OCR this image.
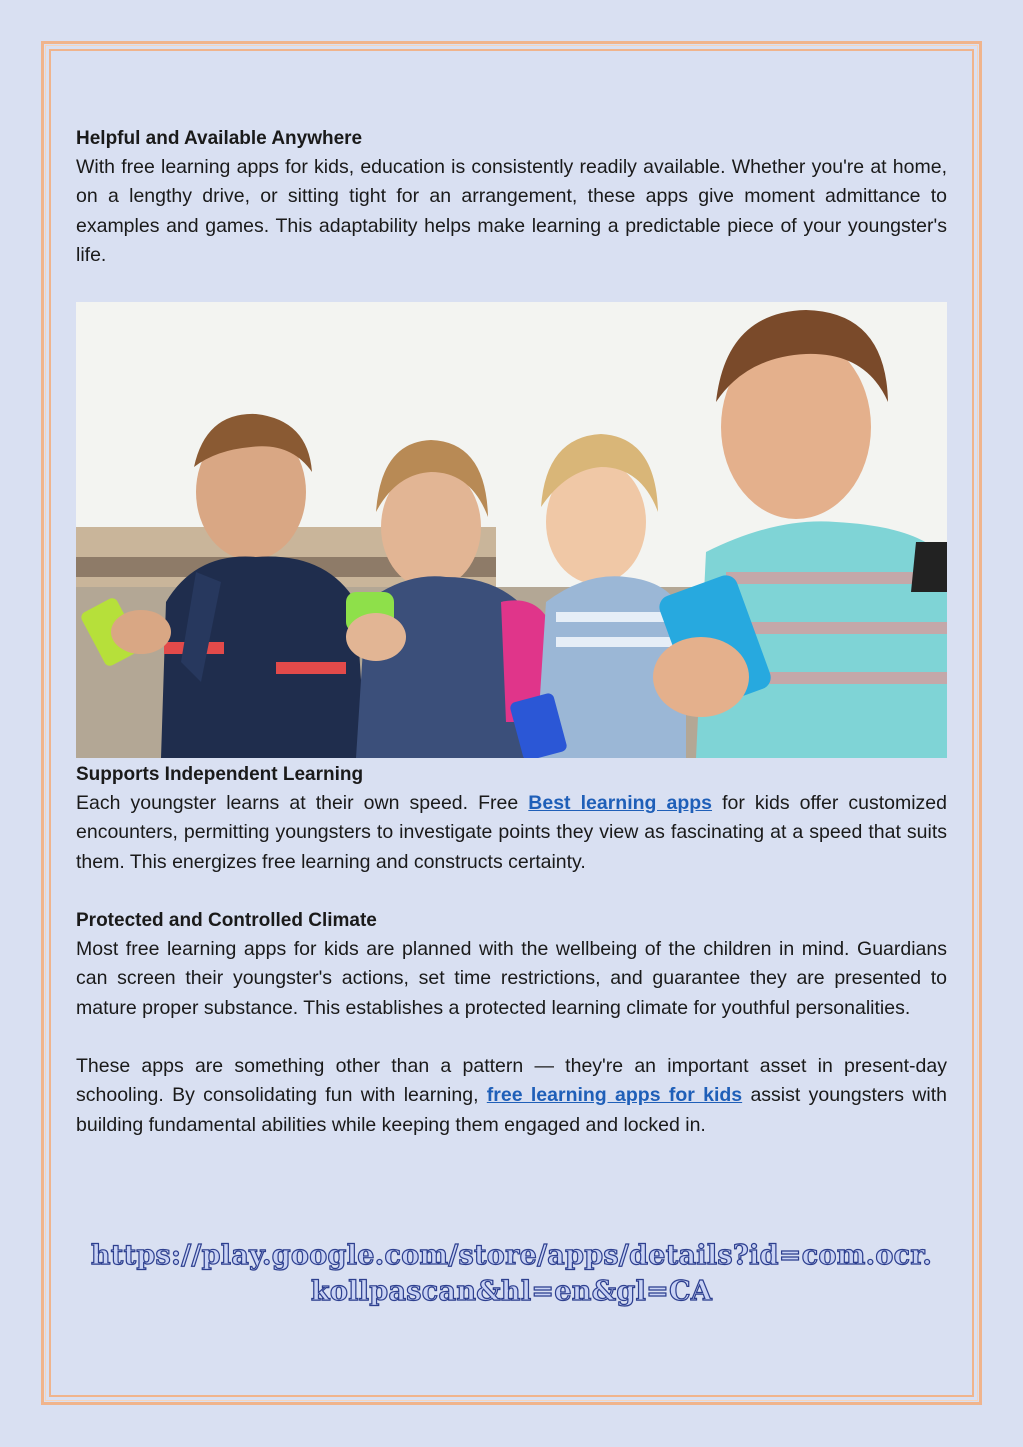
Helpful and Available Anywhere

With free learning apps for kids, education is consistently readily available. Whether you're at home, on a lengthy drive, or sitting tight for an arrangement, these apps give moment admittance to examples and games. This adaptability helps make learning a predictable piece of your youngster's life.

Supports Independent Learning

Each youngster learns at their own speed. Free Best learning apps for kids offer customized encounters, permitting youngsters to investigate points they view as fascinating at a speed that suits them. This energizes free learning and constructs certainty.

Protected and Controlled Climate

Most free learning apps for kids are planned with the wellbeing of the children in mind. Guardians can screen their youngster's actions, set time restrictions, and guarantee they are presented to mature proper substance. This establishes a protected learning climate for youthful personalities.

These apps are something other than a pattern — they're an important asset in present-day schooling. By consolidating fun with learning, free learning apps for kids assist youngsters with building fundamental abilities while keeping them engaged and locked in.

https://play.google.com/store/apps/details?id=com.ocr.
kollpascan&hl=en&gl=CA
